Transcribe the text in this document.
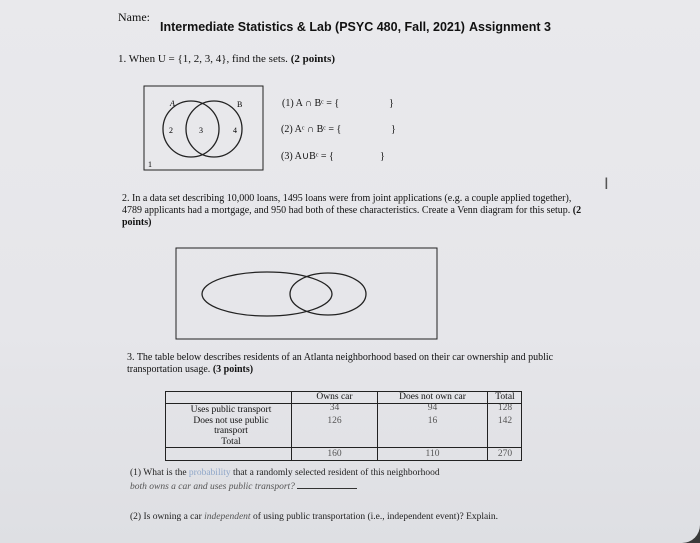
Name:
Intermediate Statistics & Lab (PSYC 480, Fall, 2021) Assignment 3
1. When U = {1, 2, 3, 4}, find the sets. (2 points)
A	B
2	3	4
1
(1) A ∩ Bᶜ = {	}
(2) Aᶜ ∩ Bᶜ = {	}
(3) A∪Bᶜ = {	}
I
2. In a data set describing 10,000 loans, 1495 loans were from joint applications (e.g. a couple applied together), 4789 applicants had a mortgage, and 950 had both of these characteristics. Create a Venn diagram for this setup. (2 points)
3. The table below describes residents of an Atlanta neighborhood based on their car ownership and public transportation usage. (3 points)
Owns car	Does not own car	Total
Uses public transport	34	94	128
Does not use public transport
126	16	142
Total
160	110	270
(1) What is the probability that a randomly selected resident of this neighborhood
both owns a car and uses public transport?
(2) Is owning a car independent of using public transportation (i.e., independent event)? Explain.
